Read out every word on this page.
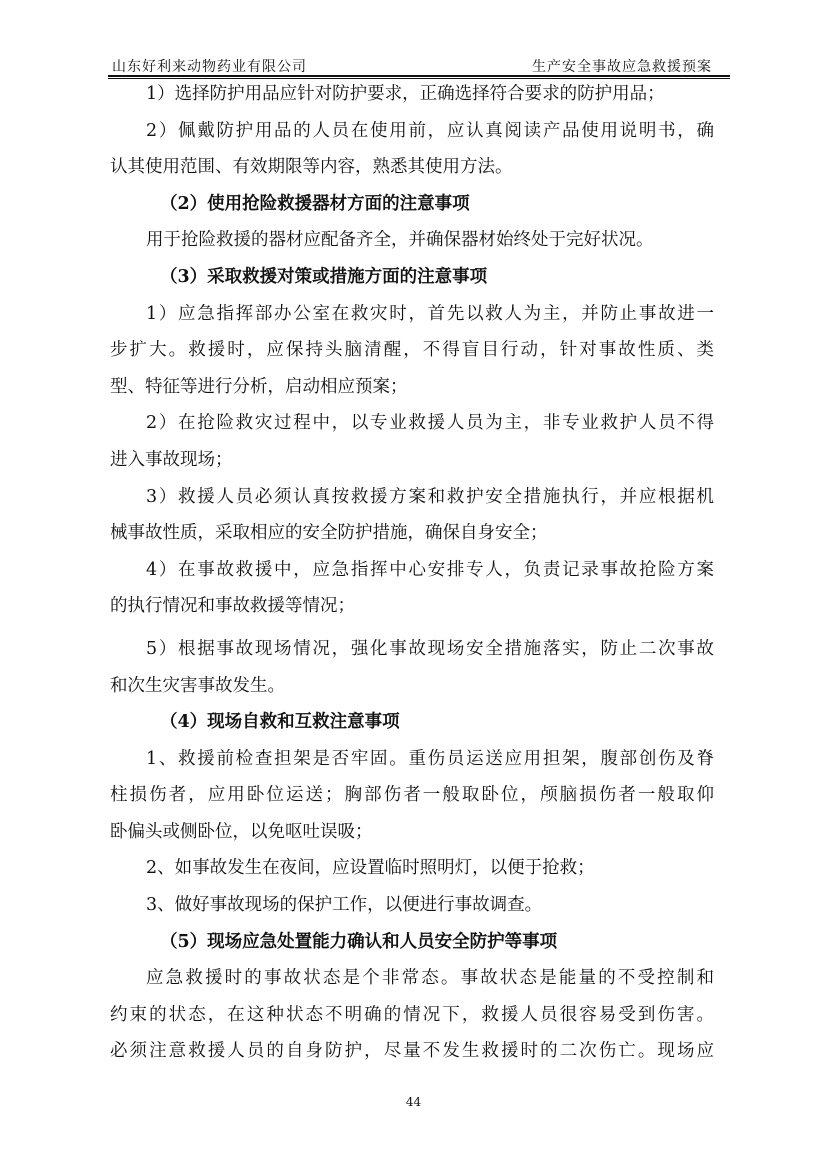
山东好利来动物药业有限公司	生产安全事故应急救援预案
1）选择防护用品应针对防护要求，正确选择符合要求的防护用品；
2）佩戴防护用品的人员在使用前，应认真阅读产品使用说明书，确
认其使用范围、有效期限等内容，熟悉其使用方法。
（2）使用抢险救援器材方面的注意事项
用于抢险救援的器材应配备齐全，并确保器材始终处于完好状况。
（3）采取救援对策或措施方面的注意事项
1）应急指挥部办公室在救灾时，首先以救人为主，并防止事故进一
步扩大。救援时，应保持头脑清醒，不得盲目行动，针对事故性质、类
型、特征等进行分析，启动相应预案；
2）在抢险救灾过程中，以专业救援人员为主，非专业救护人员不得
进入事故现场；
3）救援人员必须认真按救援方案和救护安全措施执行，并应根据机
械事故性质，采取相应的安全防护措施，确保自身安全；
4）在事故救援中，应急指挥中心安排专人，负责记录事故抢险方案
的执行情况和事故救援等情况；
5）根据事故现场情况，强化事故现场安全措施落实，防止二次事故
和次生灾害事故发生。
（4）现场自救和互救注意事项
1、救援前检查担架是否牢固。重伤员运送应用担架，腹部创伤及脊
柱损伤者，应用卧位运送；胸部伤者一般取卧位，颅脑损伤者一般取仰
卧偏头或侧卧位，以免呕吐误吸；
2、如事故发生在夜间，应设置临时照明灯，以便于抢救；
3、做好事故现场的保护工作，以便进行事故调查。
（5）现场应急处置能力确认和人员安全防护等事项
应急救援时的事故状态是个非常态。事故状态是能量的不受控制和
约束的状态，在这种状态不明确的情况下，救援人员很容易受到伤害。
必须注意救援人员的自身防护，尽量不发生救援时的二次伤亡。现场应
44
